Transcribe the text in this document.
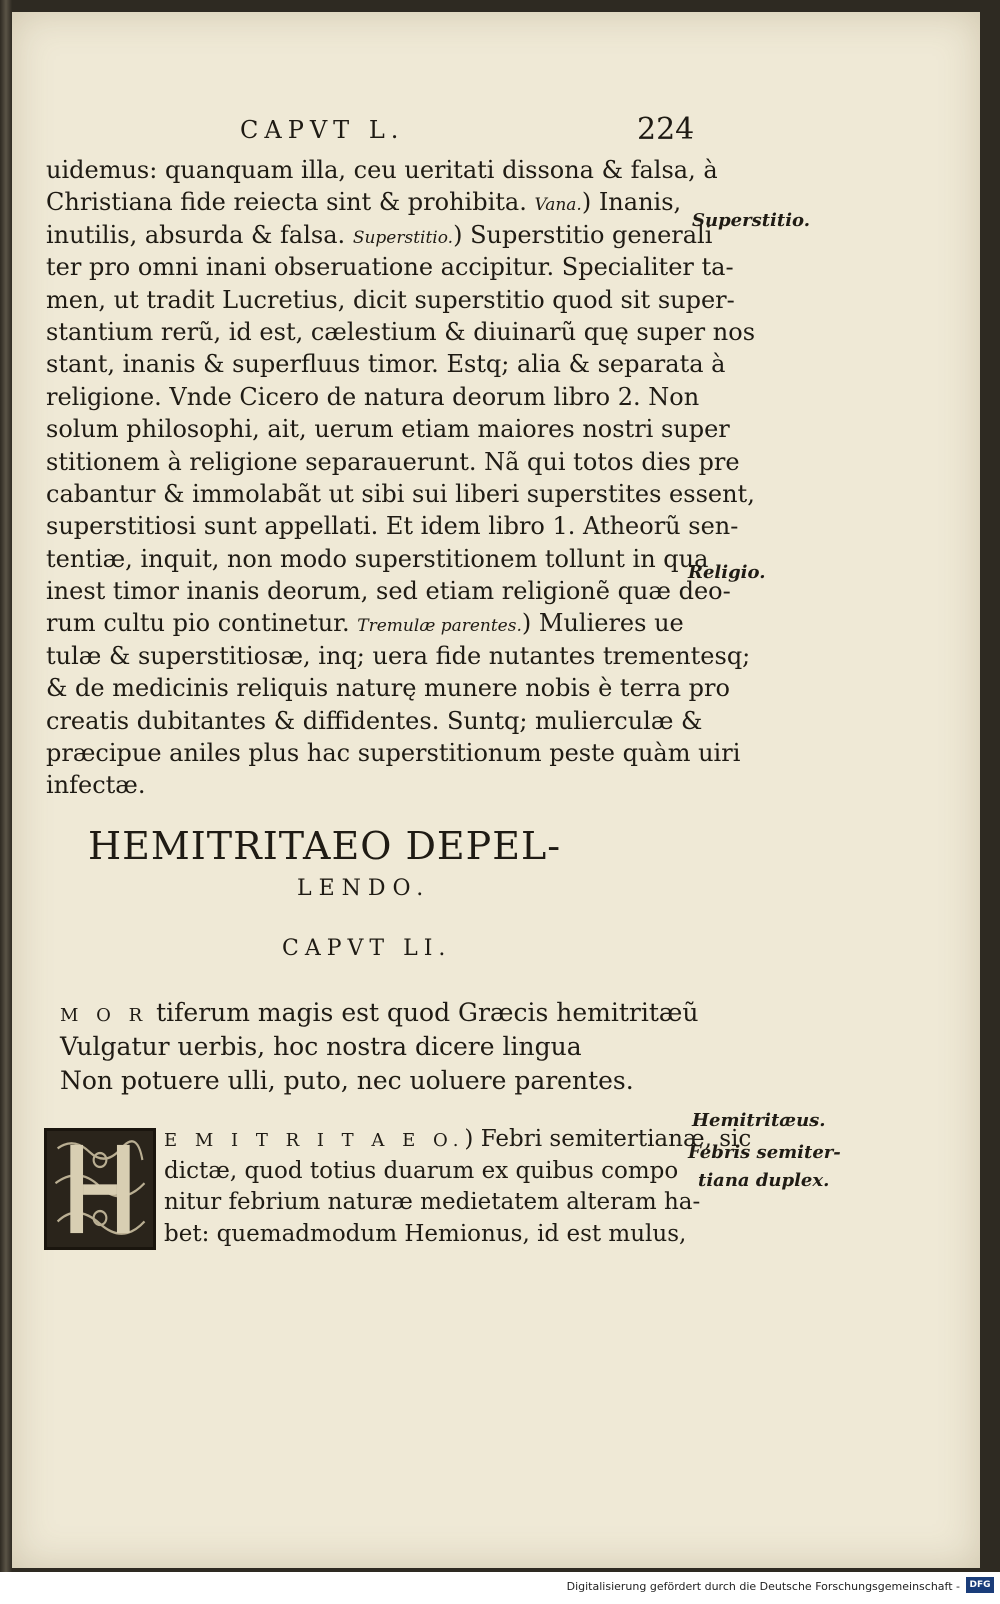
CAPVT L.	224
uidemus: quanquam illa, ceu ueritati dissona & falsa, à
Christiana fide reiecta sint & prohibita. Vana.) Inanis,
inutilis, absurda & falsa. Superstitio.) Superstitio generali
ter pro omni inani obseruatione accipitur. Specialiter ta-
men, ut tradit Lucretius, dicit superstitio quod sit super-
stantium rerũ, id est, cælestium & diuinarũ quę super nos
stant, inanis & superfluus timor. Estq; alia & separata à
religione. Vnde Cicero de natura deorum libro 2. Non
solum philosophi, ait, uerum etiam maiores nostri super
stitionem à religione separauerunt. Nã qui totos dies pre
cabantur & immolabãt ut sibi sui liberi superstites essent,
superstitiosi sunt appellati. Et idem libro 1. Atheorũ sen-
tentiæ, inquit, non modo superstitionem tollunt in qua
inest timor inanis deorum, sed etiam religionẽ quæ deo-
rum cultu pio continetur. Tremulæ parentes.) Mulieres ue
tulæ & superstitiosæ, inq; uera fide nutantes trementesq;
& de medicinis reliquis naturę munere nobis è terra pro
creatis dubitantes & diffidentes. Suntq; mulierculæ &
præcipue aniles plus hac superstitionum peste quàm uiri
infectæ.
Superstitio.
Religio.
HEMITRITAEO DEPEL-
LENDO.
CAPVT LI.
M O R tiferum magis est quod Græcis hemitritæũ
Vulgatur uerbis, hoc nostra dicere lingua
Non potuere ulli, puto, nec uoluere parentes.
E M I T R I T A E O.) Febri semitertianæ, sic
dictæ, quod totius duarum ex quibus compo
nitur febrium naturæ medietatem alteram ha-
bet: quemadmodum Hemionus, id est mulus,
Hemitritæus.
Febris semiter-
tiana duplex.
Digitalisierung gefördert durch die Deutsche Forschungsgemeinschaft -	DFG
